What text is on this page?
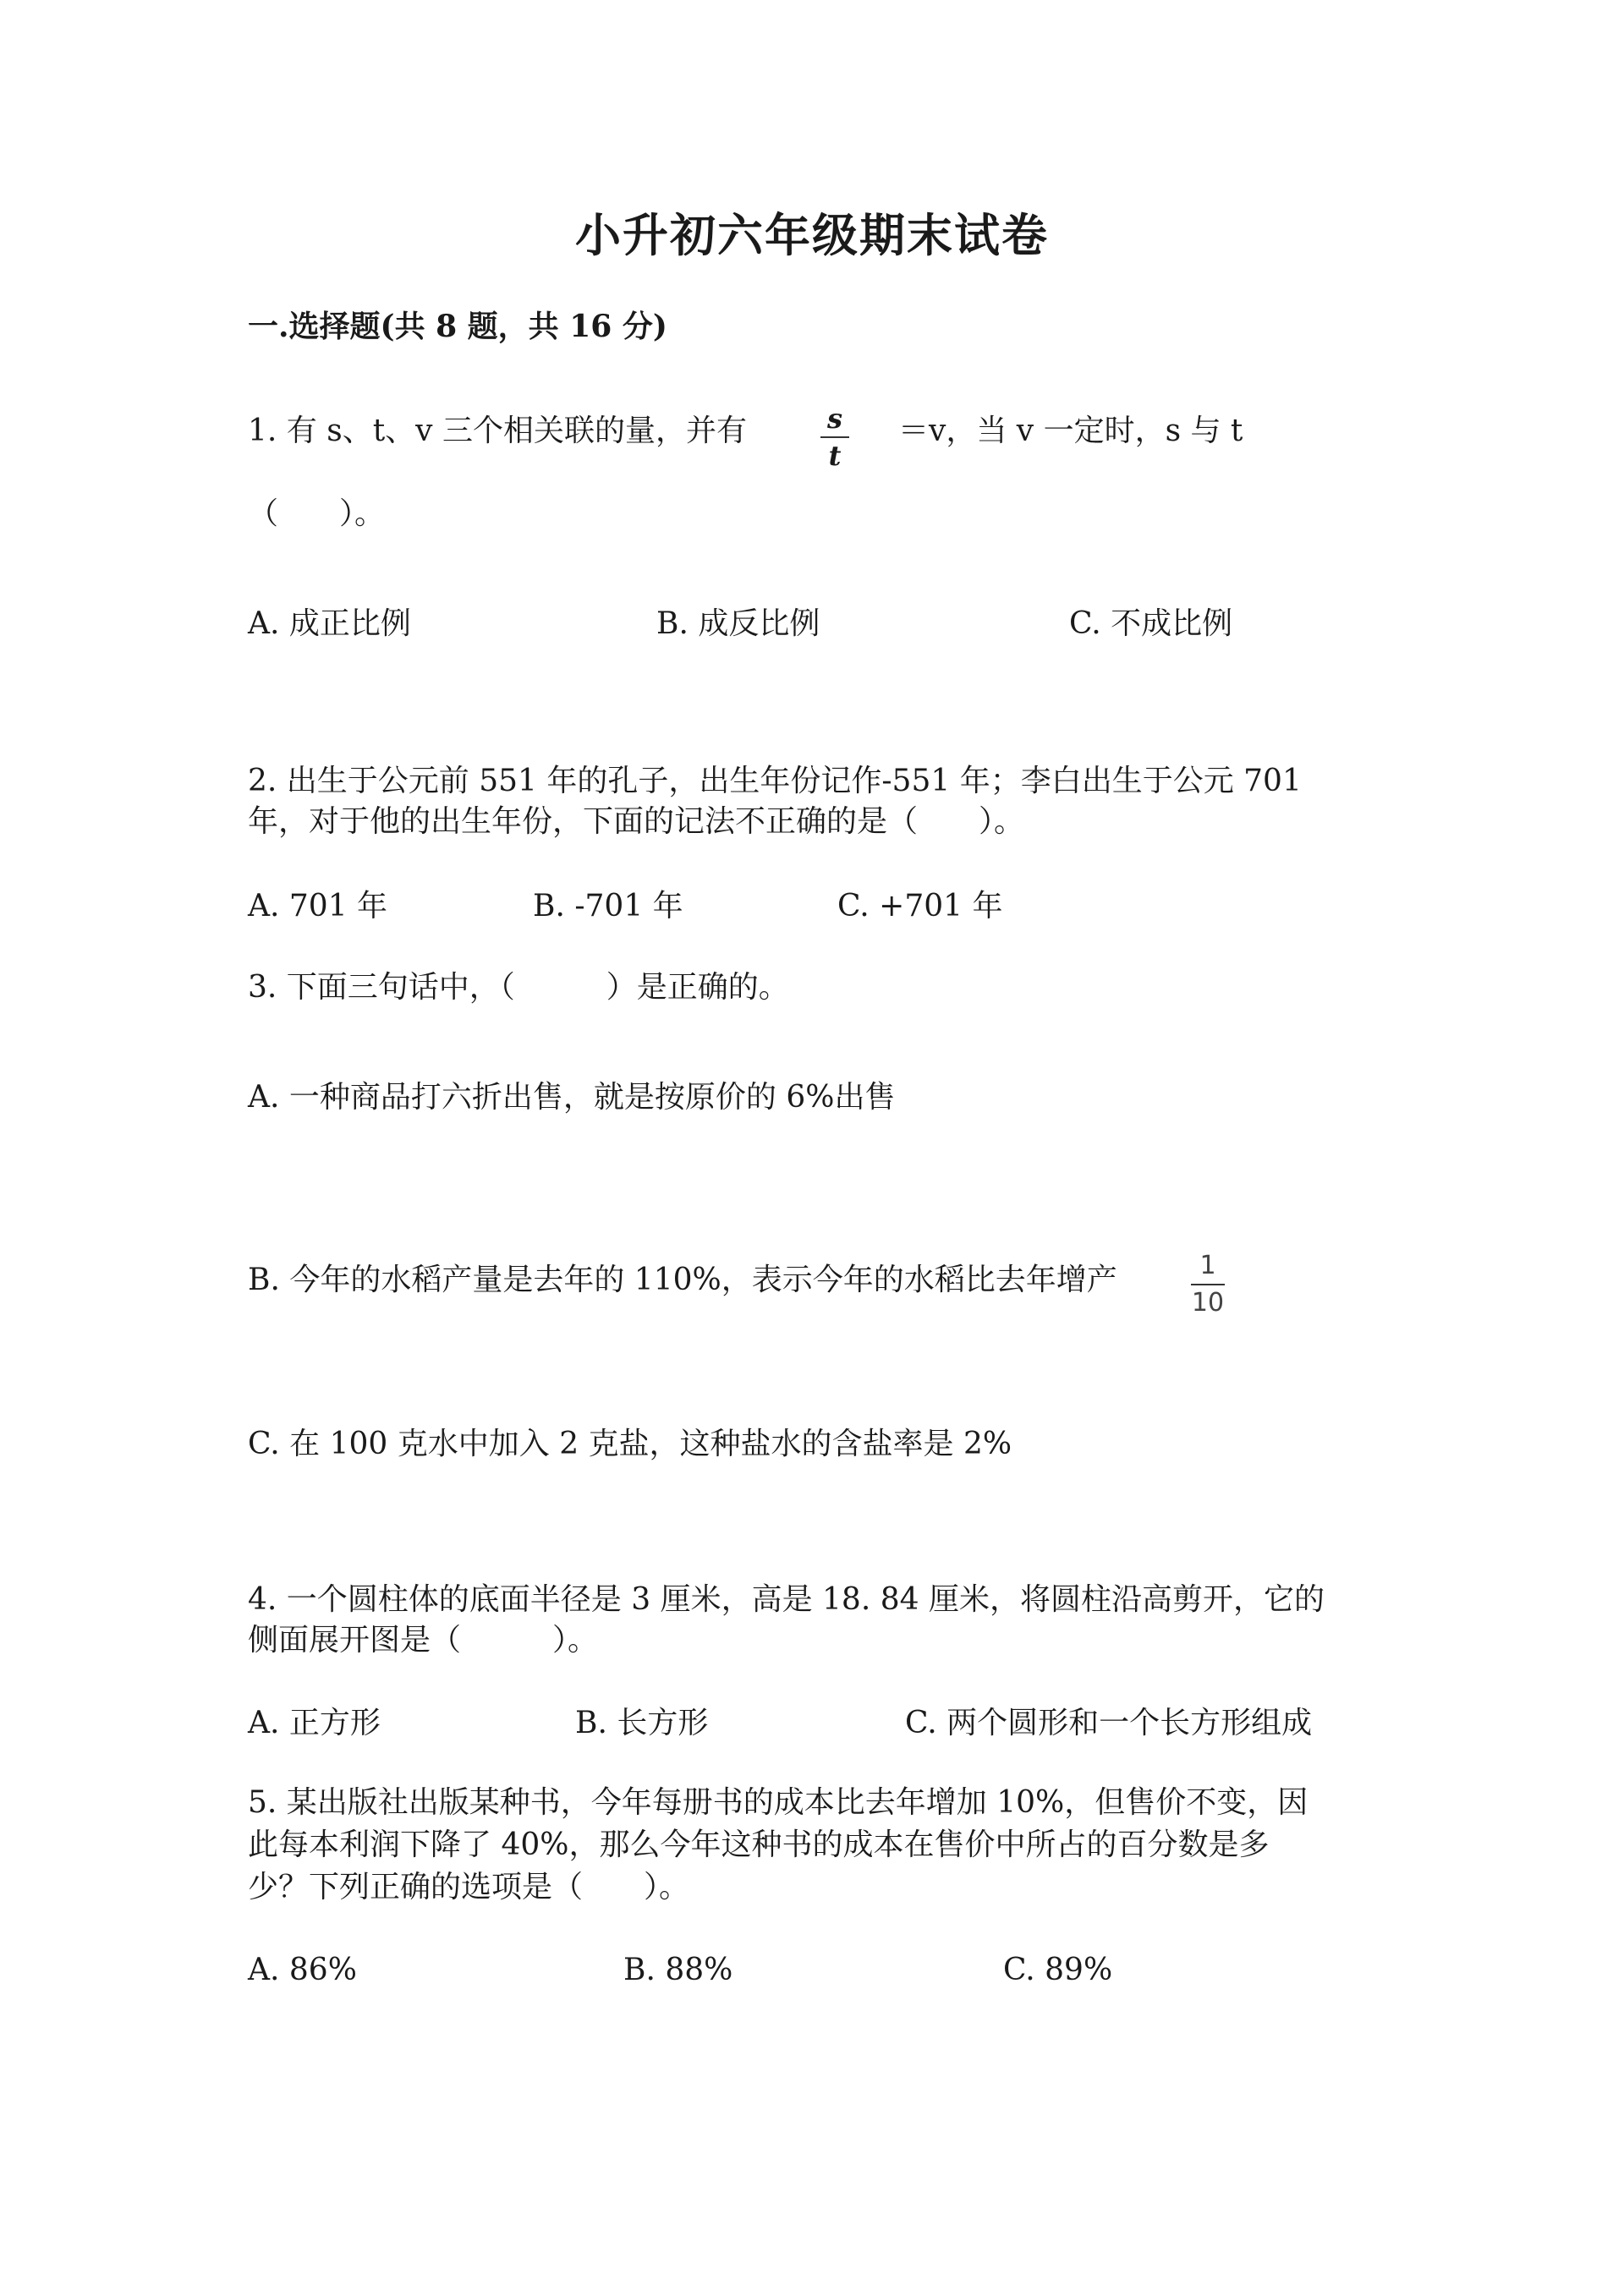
小升初六年级期末试卷
一.选择题(共 8 题，共 16 分)
1. 有 s、t、v 三个相关联的量，并有	s
t
＝v，当 v 一定时，s 与 t
（　　）。
A. 成正比例	B. 成反比例	C. 不成比例
2. 出生于公元前 551 年的孔子，出生年份记作-551 年；李白出生于公元 701
年，对于他的出生年份，下面的记法不正确的是（　　）。
A. 701 年	B. -701 年	C. +701 年
3. 下面三句话中，（　　　）是正确的。
A. 一种商品打六折出售，就是按原价的 6%出售
B. 今年的水稻产量是去年的 110%，表示今年的水稻比去年增产	1
10
C. 在 100 克水中加入 2 克盐，这种盐水的含盐率是 2%
4. 一个圆柱体的底面半径是 3 厘米，高是 18. 84 厘米，将圆柱沿高剪开，它的
侧面展开图是（　　　）。
A. 正方形	B. 长方形	C. 两个圆形和一个长方形组成
5. 某出版社出版某种书，今年每册书的成本比去年增加 10%，但售价不变，因
此每本利润下降了 40%，那么今年这种书的成本在售价中所占的百分数是多
少？下列正确的选项是（　　）。
A. 86%	B. 88%	C. 89%
